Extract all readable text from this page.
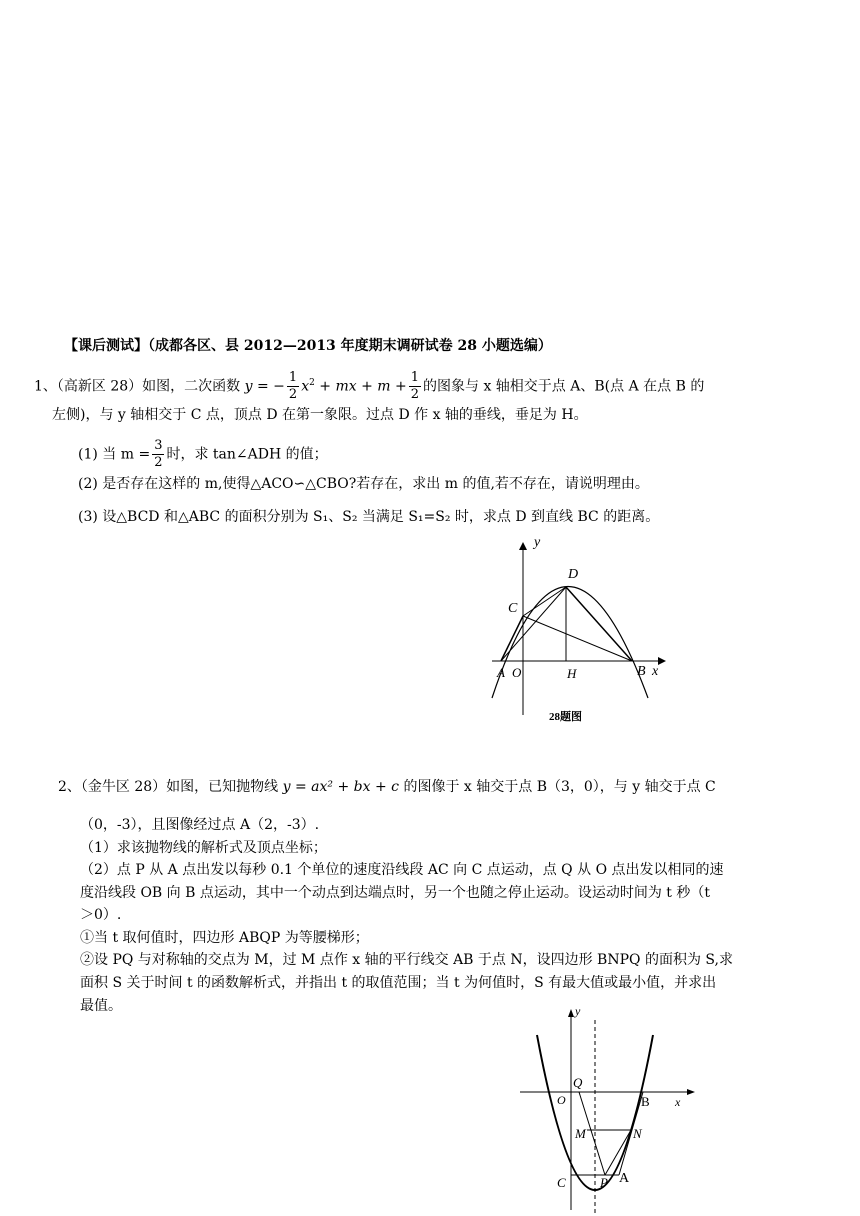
【课后测试】（成都各区、县 2012—2013 年度期末调研试卷 28 小题选编）
1、（高新区 28）如图，二次函数 y = − $\frac{1}{2} x^2$ + mx + $m + \frac{1}{2}$ 的图象与 x 轴相交于点 A、B(点 A 在点 B 的
左侧)，与 y 轴相交于 C 点，顶点 D 在第一象限。过点 D 作 x 轴的垂线，垂足为 H。
(1) 当 $m = \frac{3}{2}$ 时，求 tan∠ADH 的值；
(2) 是否存在这样的 m,使得△ACO∽△CBO?若存在，求出 m 的值,若不存在，请说明理由。
(3) 设△BCD 和△ABC 的面积分别为 S₁、S₂ 当满足 S₁=S₂ 时，求点 D 到直线 BC 的距离。
y
D
C
A O	H	B x
28题图
2、（金牛区 28）如图，已知抛物线 y = ax² + bx + c 的图像于 x 轴交于点 B（3，0），与 y 轴交于点 C
（0，-3），且图像经过点 A（2，-3）.
（1）求该抛物线的解析式及顶点坐标；
（2）点 P 从 A 点出发以每秒 0.1 个单位的速度沿线段 AC 向 C 点运动，点 Q 从 O 点出发以相同的速
度沿线段 OB 向 B 点运动，其中一个动点到达端点时，另一个也随之停止运动。设运动时间为 t 秒（t
＞0）.
①当 t 取何值时，四边形 ABQP 为等腰梯形；
②设 PQ 与对称轴的交点为 M，过 M 点作 x 轴的平行线交 AB 于点 N，设四边形 BNPQ 的面积为 S,求
面积 S 关于时间 t 的函数解析式，并指出 t 的取值范围；当 t 为何值时，S 有最大值或最小值，并求出
最值。	y
Q
O	B x
M	N
C	P A
